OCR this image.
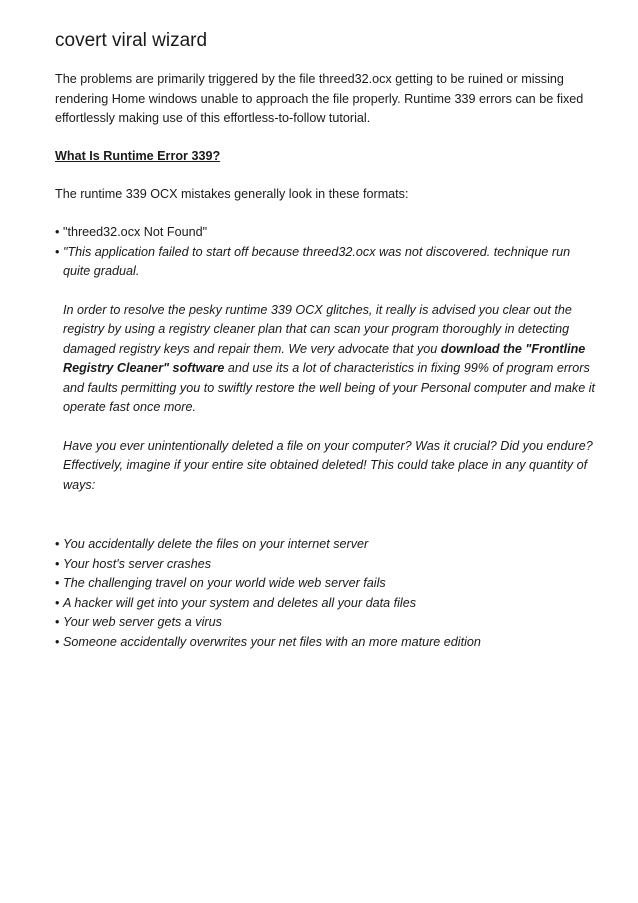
covert viral wizard

The problems are primarily triggered by the file threed32.ocx getting to be ruined or missing rendering Home windows unable to approach the file properly. Runtime 339 errors can be fixed effortlessly making use of this effortless-to-follow tutorial.

What Is Runtime Error 339?

The runtime 339 OCX mistakes generally look in these formats:

• "threed32.ocx Not Found"
• "This application failed to start off because threed32.ocx was not discovered. technique run quite gradual.

In order to resolve the pesky runtime 339 OCX glitches, it really is advised you clear out the registry by using a registry cleaner plan that can scan your program thoroughly in detecting damaged registry keys and repair them. We very advocate that you download the "Frontline Registry Cleaner" software and use its a lot of characteristics in fixing 99% of program errors and faults permitting you to swiftly restore the well being of your Personal computer and make it operate fast once more.

Have you ever unintentionally deleted a file on your computer? Was it crucial? Did you endure? Effectively, imagine if your entire site obtained deleted! This could take place in any quantity of ways:

• You accidentally delete the files on your internet server
• Your host's server crashes
• The challenging travel on your world wide web server fails
• A hacker will get into your system and deletes all your data files
• Your web server gets a virus
• Someone accidentally overwrites your net files with an more mature edition
